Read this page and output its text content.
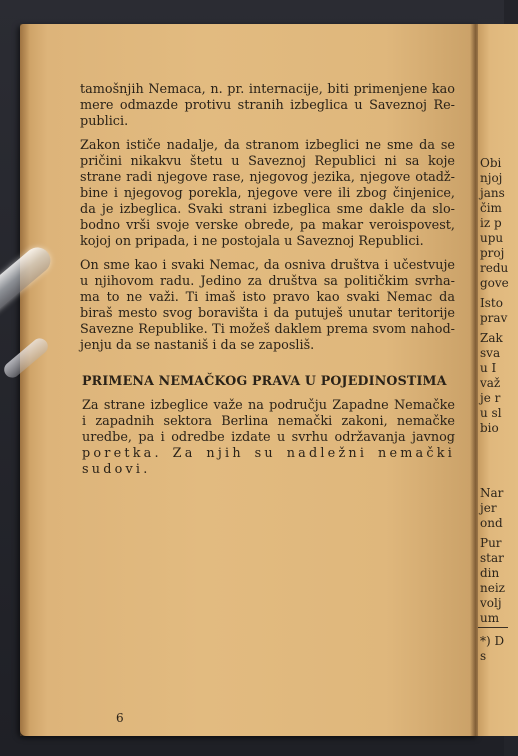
Obi
njoj
jans
čim
iz p
upu
proj
redu
gove
Isto
prav
Zak
sva
u I
važ
je r
u sl
bio
Nar
jer
ond
Pur
star
din
neiz
volj
um
*) D
s
tamošnjih Nemaca, n. pr. internacije, biti primenjene kao
mere odmazde protivu stranih izbeglica u Saveznoj Re-
publici.
Zakon ističe nadalje, da stranom izbeglici ne sme da se
pričini nikakvu štetu u Saveznoj Republici ni sa koje
strane radi njegove rase, njegovog jezika, njegove otadž-
bine i njegovog porekla, njegove vere ili zbog činjenice,
da je izbeglica. Svaki strani izbeglica sme dakle da slo-
bodno vrši svoje verske obrede, pa makar veroispovest,
kojoj on pripada, i ne postojala u Saveznoj Republici.
On sme kao i svaki Nemac, da osniva društva i učestvuje
u njihovom radu. Jedino za društva sa političkim svrha-
ma to ne važi. Ti imaš isto pravo kao svaki Nemac da
biraš mesto svog boravišta i da putuješ unutar teritorije
Savezne Republike. Ti možeš daklem prema svom nahod-
jenju da se nastaniš i da se zaposliš.
PRIMENA NEMAČKOG PRAVA U POJEDINOSTIMA
Za strane izbeglice važe na području Zapadne Nemačke
i zapadnih sektora Berlina nemački zakoni, nemačke
uredbe, pa i odredbe izdate u svrhu održavanja javnog
poretka. Za njih su nadležni nemački
sudovi.
6
